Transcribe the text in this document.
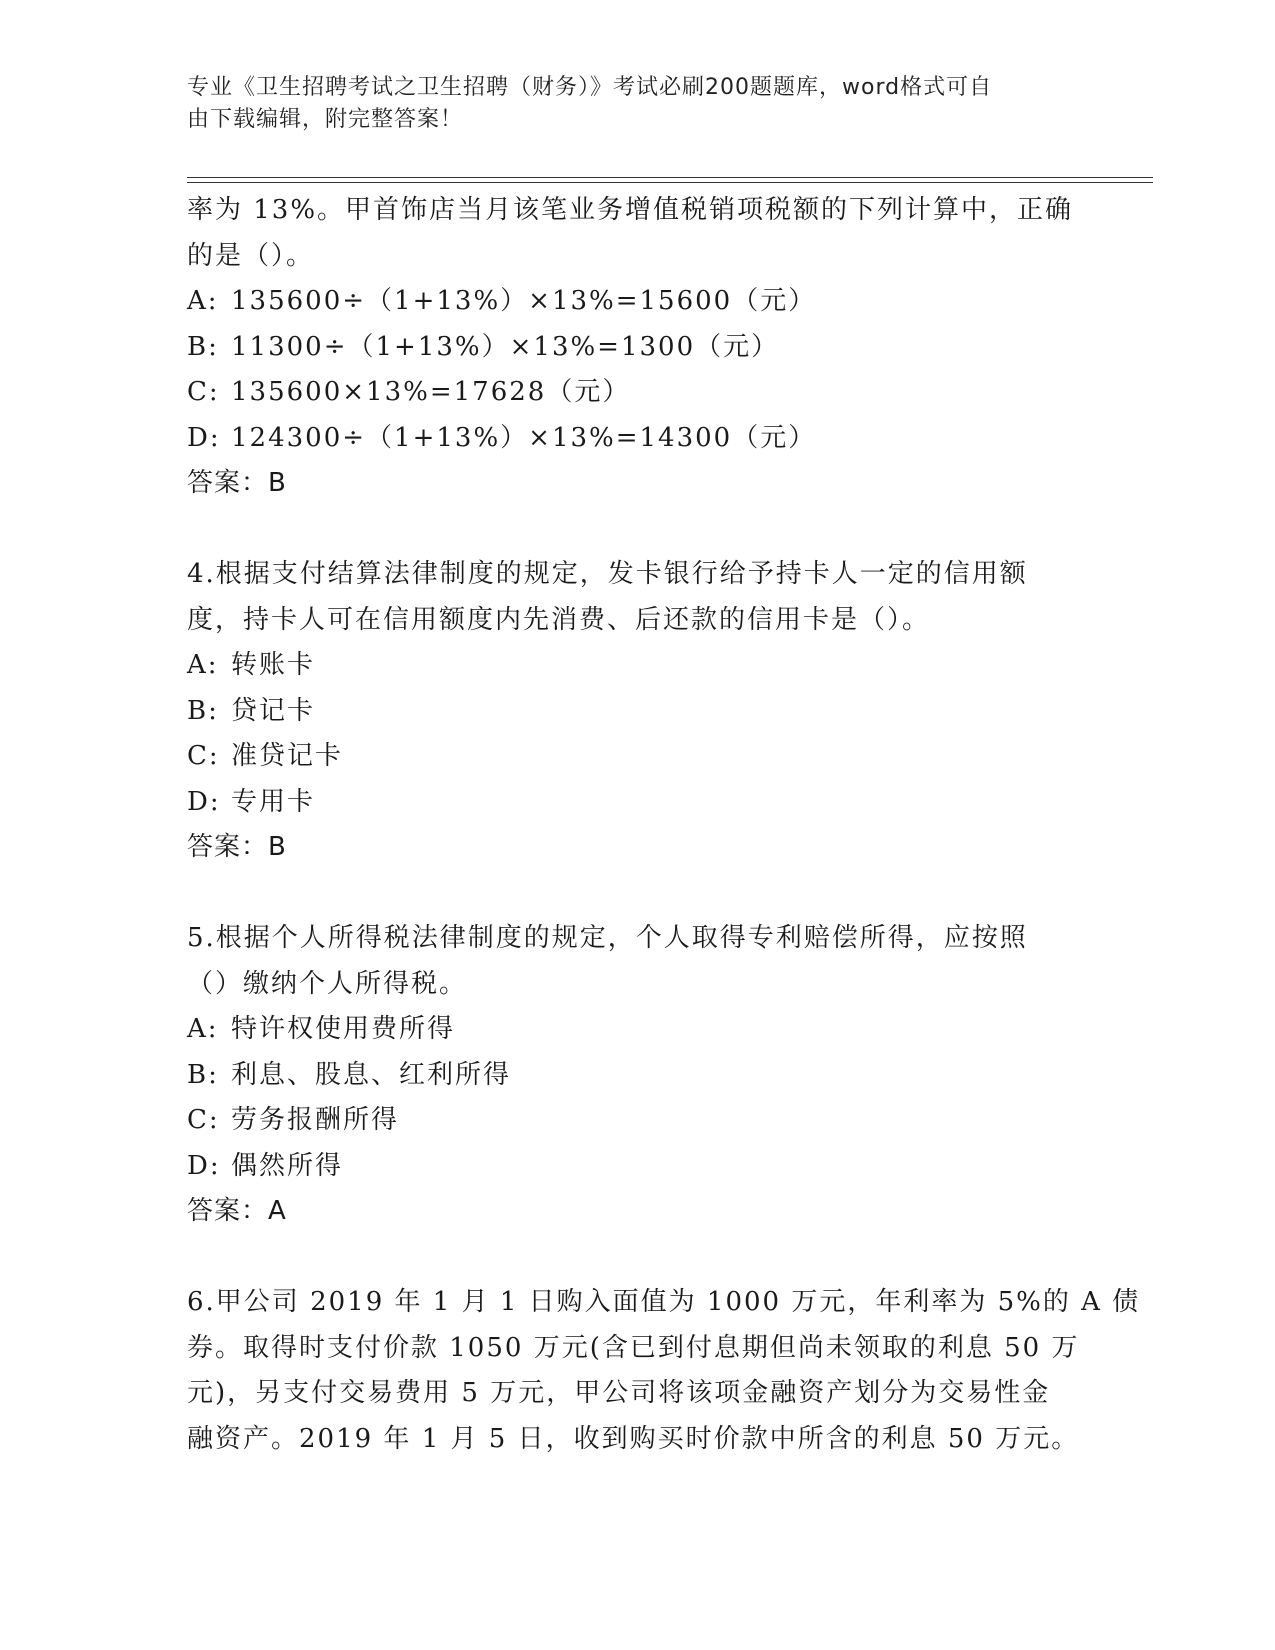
专业《卫生招聘考试之卫生招聘（财务）》考试必刷200题题库，word格式可自
由下载编辑，附完整答案！
率为 13%。甲首饰店当月该笔业务增值税销项税额的下列计算中，正确
的是（）。
A: 135600÷（1+13%）×13%=15600（元）
B: 11300÷（1+13%）×13%=1300（元）
C: 135600×13%=17628（元）
D: 124300÷（1+13%）×13%=14300（元）
答案：B
4.根据支付结算法律制度的规定，发卡银行给予持卡人一定的信用额
度，持卡人可在信用额度内先消费、后还款的信用卡是（）。
A: 转账卡
B: 贷记卡
C: 准贷记卡
D: 专用卡
答案：B
5.根据个人所得税法律制度的规定，个人取得专利赔偿所得，应按照
（）缴纳个人所得税。
A: 特许权使用费所得
B: 利息、股息、红利所得
C: 劳务报酬所得
D: 偶然所得
答案：A
6.甲公司 2019 年 1 月 1 日购入面值为 1000 万元，年利率为 5%的 A 债
券。取得时支付价款 1050 万元(含已到付息期但尚未领取的利息 50 万
元)，另支付交易费用 5 万元，甲公司将该项金融资产划分为交易性金
融资产。2019 年 1 月 5 日，收到购买时价款中所含的利息 50 万元。
